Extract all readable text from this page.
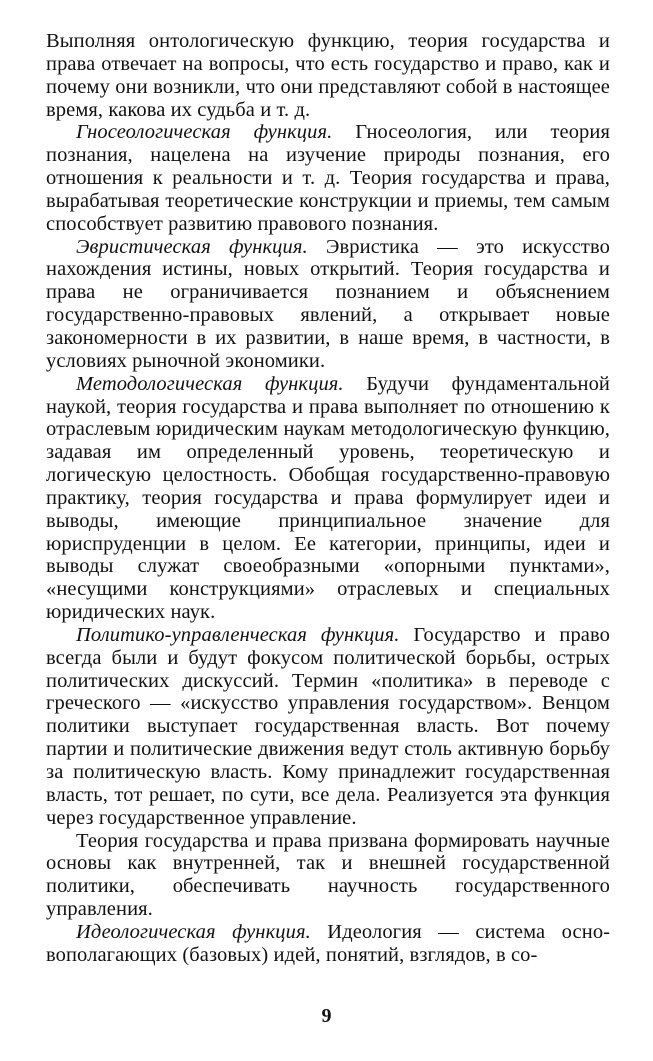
Выполняя онтологическую функцию, теория государства и права отвечает на вопросы, что есть государство и право, как и почему они возникли, что они представляют собой в настоящее время, какова их судьба и т. д.

Гносеологическая функция. Гносеология, или теория познания, нацелена на изучение природы познания, его отношения к реальности и т. д. Теория государства и права, вырабатывая теоретические конструкции и приемы, тем самым способствует развитию правового познания.

Эвристическая функция. Эвристика — это искусство нахождения истины, новых открытий. Теория государства и права не ограничивается познанием и объяснением государственно-правовых явлений, а открывает новые закономерности в их развитии, в наше время, в частности, в условиях рыночной экономики.

Методологическая функция. Будучи фундаментальной наукой, теория государства и права выполняет по отношению к отраслевым юридическим наукам методологическую функцию, задавая им определенный уровень, теоретическую и логическую целостность. Обобщая государственно-правовую практику, теория государства и права формулирует идеи и выводы, имеющие принципиальное значение для юриспруденции в целом. Ее категории, принципы, идеи и выводы служат своеобразными «опорными пунктами», «несущими конструкциями» отраслевых и специальных юридических наук.

Политико-управленческая функция. Государство и право всегда были и будут фокусом политической борьбы, острых политических дискуссий. Термин «политика» в переводе с греческого — «искусство управления государством». Венцом политики выступает государственная власть. Вот почему партии и политические движения ведут столь активную борьбу за политическую власть. Кому принадлежит государственная власть, тот решает, по сути, все дела. Реализуется эта функция через государственное управление.

Теория государства и права призвана формировать научные основы как внутренней, так и внешней государственной политики, обеспечивать научность государственного управления.

Идеологическая функция. Идеология — система основополагающих (базовых) идей, понятий, взглядов, в со-

9
